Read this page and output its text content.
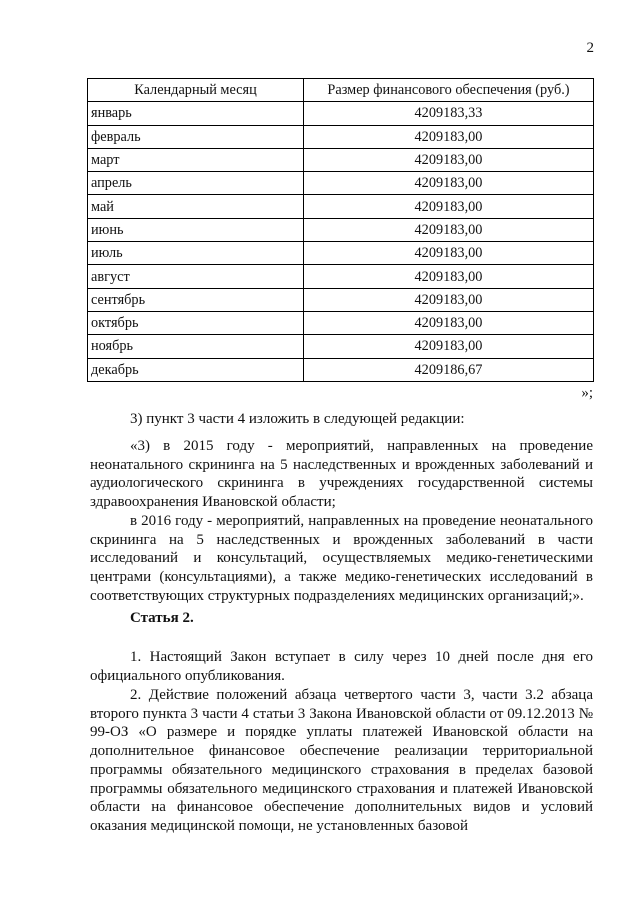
2
Календарный месяц	Размер финансового обеспечения (руб.)
январь	4209183,33
февраль	4209183,00
март	4209183,00
апрель	4209183,00
май	4209183,00
июнь	4209183,00
июль	4209183,00
август	4209183,00
сентябрь	4209183,00
октябрь	4209183,00
ноябрь	4209183,00
декабрь	4209186,67
»;

3) пункт 3 части 4 изложить в следующей редакции:

«3) в 2015 году - мероприятий, направленных на проведение неонатального скрининга на 5 наследственных и врожденных заболеваний и аудиологического скрининга в учреждениях государственной системы здравоохранения Ивановской области;

в 2016 году - мероприятий, направленных на проведение неонатального скрининга на 5 наследственных и врожденных заболеваний в части исследований и консультаций, осуществляемых медико-генетическими центрами (консультациями), а также медико-генетических исследований в соответствующих структурных подразделениях медицинских организаций;».

Статья 2.

1. Настоящий Закон вступает в силу через 10 дней после дня его официального опубликования.

2. Действие положений абзаца четвертого части 3, части 3.2 абзаца второго пункта 3 части 4 статьи 3 Закона Ивановской области от 09.12.2013 № 99-ОЗ «О размере и порядке уплаты платежей Ивановской области на дополнительное финансовое обеспечение реализации территориальной программы обязательного медицинского страхования в пределах базовой программы обязательного медицинского страхования и платежей Ивановской области на финансовое обеспечение дополнительных видов и условий оказания медицинской помощи, не установленных базовой
